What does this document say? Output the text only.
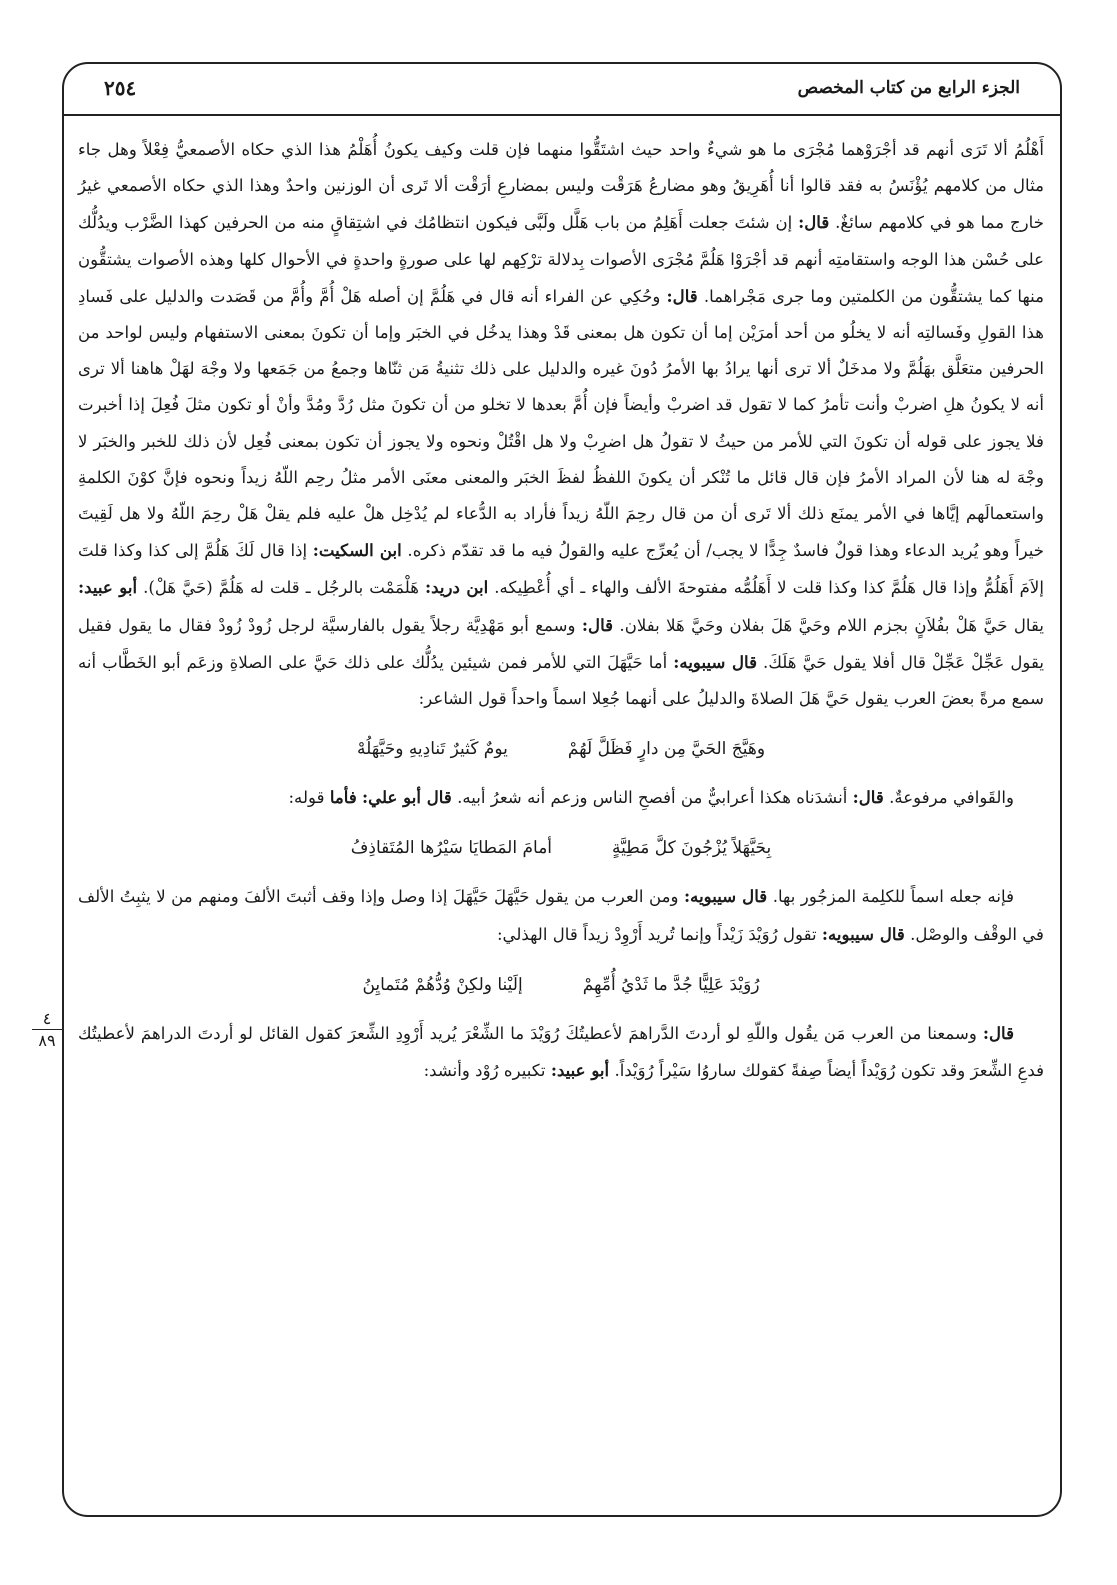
٢٥٤	الجزء الرابع من كتاب المخصص
٤
٨٩

أَهْلُمُ ألا تَرَى أنهم قد أجْرَوْهما مُجْرَى ما هو شيءٌ واحد حيث اشتَقُّوا منهما فإن قلت وكيف يكونُ أُهَلْمُ هذا الذي حكاه الأصمعيُّ فِعْلاً وهل جاء مثال من كلامهم يُؤْنَسُ به فقد قالوا أنا أُهَرِيقُ وهو مضارعُ هَرَقْت وليس بمضارعِ أرَقْت ألا تَرى أن الوزنين واحدٌ وهذا الذي حكاه الأصمعي غيرُ خارج مما هو في كلامهم سائغٌ. قال: إن شئتَ جعلت أَهَلِمُ من باب هَلَّل ولَبَّى فيكون انتظامُك في اشتِقاقٍ منه من الحرفين كهذا الضَّرْب ويدُلُّك على حُسْن هذا الوجه واستقامتِه أنهم قد أجْرَوْا هَلُمَّ مُجْرَى الأصوات بِدلالة ترْكِهم لها على صورةٍ واحدةٍ في الأحوال كلها وهذه الأصوات يشتقُّون منها كما يشتقُّون من الكلمتين وما جرى مَجْراهما. قال: وحُكِي عن الفراء أنه قال في هَلُمَّ إن أصله هَلْ أُمَّ وأُمَّ من قَصَدت والدليل على فَسادِ هذا القولِ وفَسالتِه أنه لا يخلُو من أحد أمرَيْن إما أن تكون هل بمعنى قَدْ وهذا يدخُل في الخبَر وإما أن تكونَ بمعنى الاستفهام وليس لواحد من الحرفين متعَلَّق بهَلُمَّ ولا مدخَلٌ ألا ترى أنها يرادُ بها الأمرُ دُونَ غيره والدليل على ذلك تثنيةُ مَن ثنّاها وجمعُ من جَمَعها ولا وجْهَ لهَلْ هاهنا ألا ترى أنه لا يكونُ هلِ اضربْ وأنت تأمرُ كما لا تقول قد اضربْ وأيضاً فإن أُمَّ بعدها لا تخلو من أن تكونَ مثل رُدَّ ومُدَّ وأنْ أو تكون مثلَ فُعِلَ إذا أخبرت فلا يجوز على قوله أن تكونَ التي للأمر من حيثُ لا تقولُ هل اضرِبْ ولا هل اقْتُلْ ونحوه ولا يجوز أن تكون بمعنى فُعِل لأن ذلك للخبر والخبَر لا وجْهَ له هنا لأن المراد الأمرُ فإن قال قائل ما تُنْكر أن يكونَ اللفظُ لفظَ الخبَر والمعنى معنَى الأمر مثلُ رحِم اللّهُ زيداً ونحوه فإنَّ كوْنَ الكلمةِ واستعمالَهم إيَّاها في الأمر يمنَع ذلك ألا تَرى أن من قال رحِمَ اللّهُ زيداً فأراد به الدُّعاء لم يُدْخِل هلْ عليه فلم يقلْ هَلْ رحِمَ اللّهُ ولا هل لَقِيتَ خيراً وهو يُريد الدعاء وهذا قولٌ فاسدٌ جِدًّا لا يجب/ أن يُعرِّج عليه والقولُ فيه ما قد تقدّم ذكره. ابن السكيت: إذا قال لَكَ هَلُمَّ إلى كذا وكذا قلتَ إلاَمَ أَهَلُمُّ وإذا قال هَلُمَّ كذا وكذا قلت لا أَهَلُمُّه مفتوحةَ الألف والهاء ـ أي أُعْطِيكه. ابن دريد: هَلْمَمْت بالرجُل ـ قلت له هَلُمَّ (حَيَّ هَلْ). أبو عبيد: يقال حَيَّ هَلْ بفُلاَنٍ بجزم اللام وحَيَّ هَلَ بفلان وحَيَّ هَلا بفلان. قال: وسمع أبو مَهْدِيَّة رجلاً يقول بالفارسيَّة لرجل زُودْ زُودْ فقال ما يقول فقيل يقول عَجِّلْ عَجِّلْ قال أفلا يقول حَيَّ هَلَكَ. قال سيبويه: أما حَيَّهَلَ التي للأمر فمن شيئين يدُلُّك على ذلك حَيَّ على الصلاةِ وزعَم أبو الخَطَّاب أنه سمع مرةً بعضَ العرب يقول حَيَّ هَلَ الصلاةَ والدليلُ على أنهما جُعِلا اسماً واحداً قول الشاعر:

وهَيَّجَ الحَيَّ مِن دارٍ فَظَلَّ لَهُمْ
يومٌ كَثيرٌ تَنادِيهِ وحَيَّهَلُهْ

والقَوافي مرفوعةٌ. قال: أنشدَناه هكذا أعرابيٌّ من أفصحِ الناس وزعم أنه شعرُ أبيه. قال أبو علي: فأما قوله:

بِحَيَّهَلاً يُزْجُونَ كلَّ مَطِيَّةٍ
أمامَ المَطايَا سَيْرُها المُتَقاذِفُ

فإنه جعله اسماً للكلِمة المزجُور بها. قال سيبويه: ومن العرب من يقول حَيَّهَلَ حَيَّهَلَ إذا وصل وإذا وقف أثبتَ الألفَ ومنهم من لا يثبِتُ الألف في الوقْف والوصْل. قال سيبويه: تقول رُوَيْدَ زَيْداً وإنما تُريد أَرْوِدْ زيداً قال الهذلي:

رُوَيْدَ عَلِيًّا جُدَّ ما ثَدْيُ أُمِّهِمْ
إلَيْنا ولكِنْ وُدُّهُمْ مُتَمايِنُ

قال: وسمعنا من العرب مَن يقُول واللّهِ لو أردتَ الدَّراهمَ لأعطيتُكَ رُوَيْدَ ما الشِّعْرَ يُريد أَرْوِدِ الشِّعرَ كقول القائل لو أردتَ الدراهمَ لأعطيتُك فدعِ الشِّعرَ وقد تكون رُوَيْداً أيضاً صِفةً كقولك ساروُا سَيْراً رُوَيْداً. أبو عبيد: تكبيره رُوْد وأنشد:
